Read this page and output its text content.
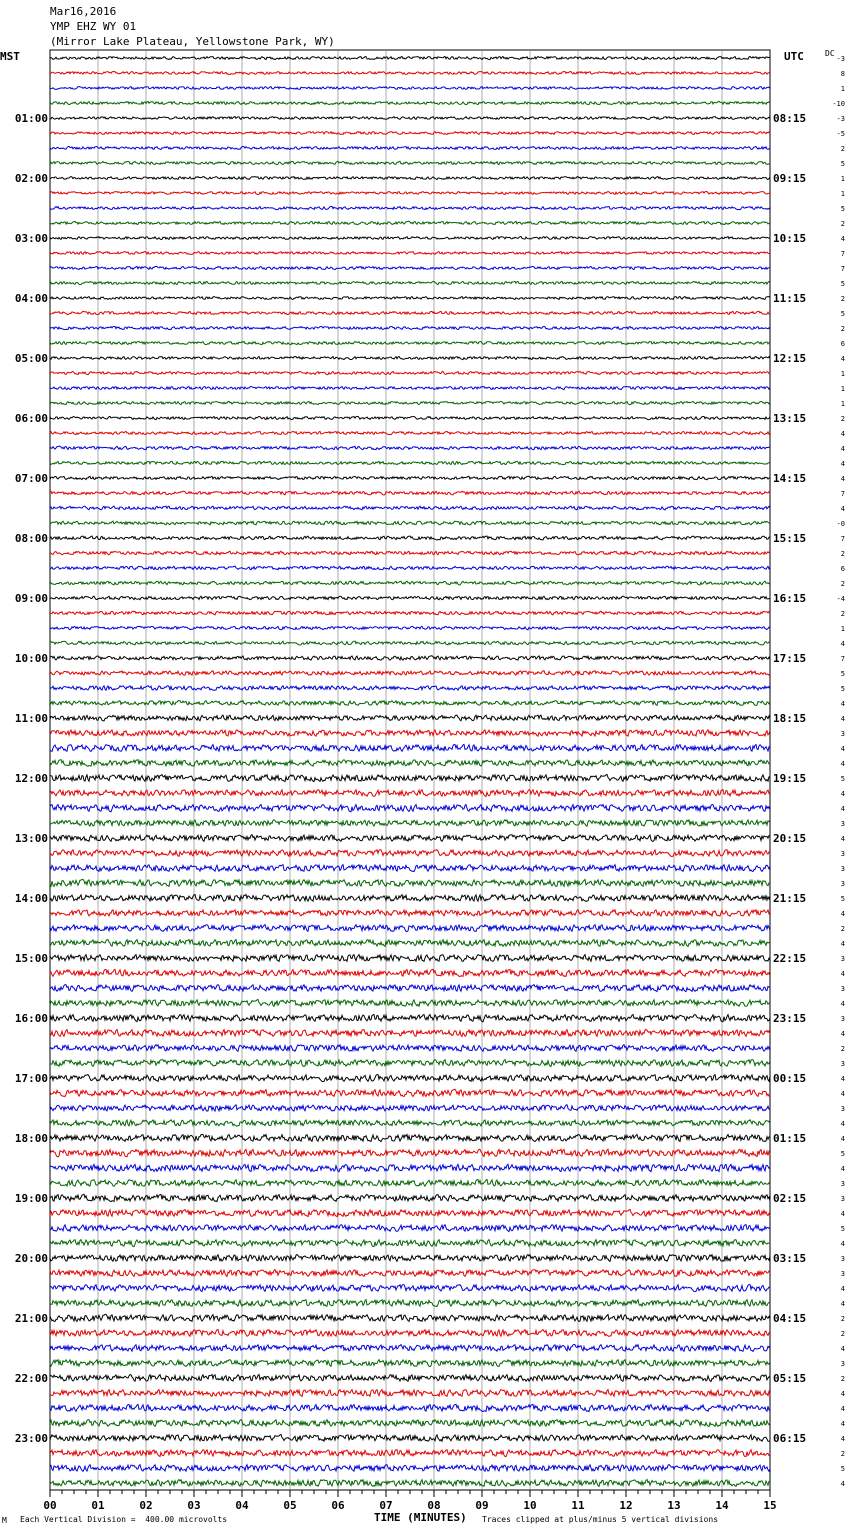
Mar16,2016
YMP EHZ WY 01
(Mirror Lake Plateau, Yellowstone Park, WY)
MST	UTC	DC
00	01	02	03	04	05	06	07	08	09	10	11	12	13	14	15
01:00
02:00
03:00
04:00
05:00
06:00
07:00
08:00
09:00
10:00
11:00
12:00
13:00
14:00
15:00
16:00
17:00
18:00
19:00
20:00
21:00
22:00
23:00
08:15
09:15
10:15
11:15
12:15
13:15
14:15
15:15
16:15
17:15
18:15
19:15
20:15
21:15
22:15
23:15
00:15
01:15
02:15
03:15
04:15
05:15
06:15
-3
8
1
-10
-3
-5
2
5
1
1
5
2
4
7
7
5
2
5
2
6
4
1
1
1
2
4
4
4
4
7
4
-0
7
2
6
2
-4
2
1
4
7
5
5
4
4
3
4
4
5
4
4
3
4
3
3
3
5
4
2
4
3
4
3
4
3
4
2
3
4
4
3
4
4
5
4
3
3
4
5
4
3
3
4
4
2
2
4
3
2
4
4
4
4
2
5
4
M Each Vertical Division =  400.00 microvolts	TIME (MINUTES) Traces clipped at plus/minus 5 vertical divisions
